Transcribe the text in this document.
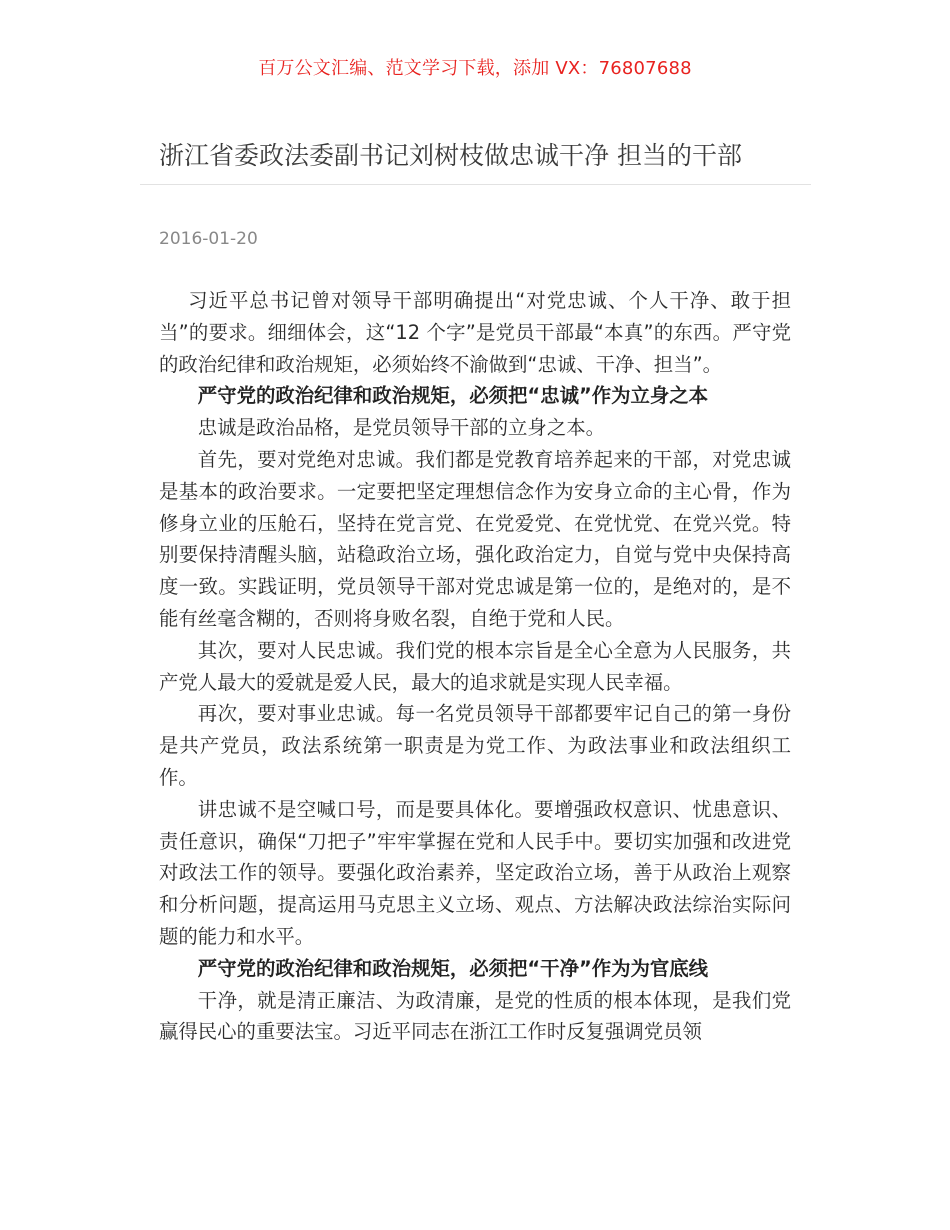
百万公文汇编、范文学习下载，添加 VX：76807688
浙江省委政法委副书记刘树枝做忠诚干净 担当的干部
2016-01-20

习近平总书记曾对领导干部明确提出“对党忠诚、个人干净、敢于担当”的要求。细细体会，这“12 个字”是党员干部最“本真”的东西。严守党的政治纪律和政治规矩，必须始终不渝做到“忠诚、干净、担当”。

严守党的政治纪律和政治规矩，必须把“忠诚”作为立身之本

忠诚是政治品格，是党员领导干部的立身之本。

首先，要对党绝对忠诚。我们都是党教育培养起来的干部，对党忠诚是基本的政治要求。一定要把坚定理想信念作为安身立命的主心骨，作为修身立业的压舱石，坚持在党言党、在党爱党、在党忧党、在党兴党。特别要保持清醒头脑，站稳政治立场，强化政治定力，自觉与党中央保持高度一致。实践证明，党员领导干部对党忠诚是第一位的，是绝对的，是不能有丝毫含糊的，否则将身败名裂，自绝于党和人民。

其次，要对人民忠诚。我们党的根本宗旨是全心全意为人民服务，共产党人最大的爱就是爱人民，最大的追求就是实现人民幸福。

再次，要对事业忠诚。每一名党员领导干部都要牢记自己的第一身份是共产党员，政法系统第一职责是为党工作、为政法事业和政法组织工作。

讲忠诚不是空喊口号，而是要具体化。要增强政权意识、忧患意识、责任意识，确保“刀把子”牢牢掌握在党和人民手中。要切实加强和改进党对政法工作的领导。要强化政治素养，坚定政治立场，善于从政治上观察和分析问题，提高运用马克思主义立场、观点、方法解决政法综治实际问题的能力和水平。

严守党的政治纪律和政治规矩，必须把“干净”作为为官底线

干净，就是清正廉洁、为政清廉，是党的性质的根本体现，是我们党赢得民心的重要法宝。习近平同志在浙江工作时反复强调党员领
